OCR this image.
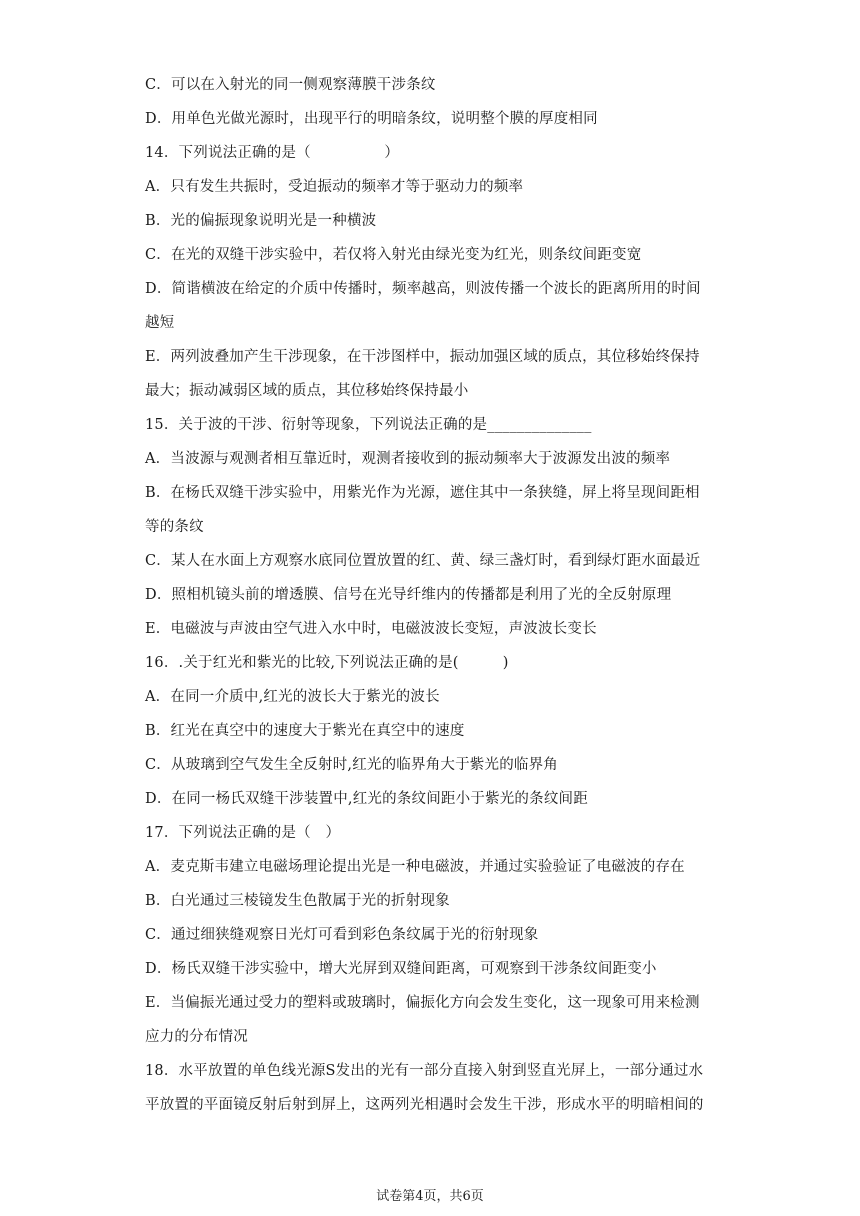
C．可以在入射光的同一侧观察薄膜干涉条纹
D．用单色光做光源时，出现平行的明暗条纹，说明整个膜的厚度相同
14．下列说法正确的是（　　　　　）
A．只有发生共振时，受迫振动的频率才等于驱动力的频率
B．光的偏振现象说明光是一种横波
C．在光的双缝干涉实验中，若仅将入射光由绿光变为红光，则条纹间距变宽
D．简谐横波在给定的介质中传播时，频率越高，则波传播一个波长的距离所用的时间
越短
E．两列波叠加产生干涉现象，在干涉图样中，振动加强区域的质点，其位移始终保持
最大；振动减弱区域的质点，其位移始终保持最小
15．关于波的干涉、衍射等现象，下列说法正确的是______________
A．当波源与观测者相互靠近时，观测者接收到的振动频率大于波源发出波的频率
B．在杨氏双缝干涉实验中，用紫光作为光源，遮住其中一条狭缝，屏上将呈现间距相
等的条纹
C．某人在水面上方观察水底同位置放置的红、黄、绿三盏灯时，看到绿灯距水面最近
D．照相机镜头前的增透膜、信号在光导纤维内的传播都是利用了光的全反射原理
E．电磁波与声波由空气进入水中时，电磁波波长变短，声波波长变长
16．.关于红光和紫光的比较,下列说法正确的是(　　　)
A．在同一介质中,红光的波长大于紫光的波长
B．红光在真空中的速度大于紫光在真空中的速度
C．从玻璃到空气发生全反射时,红光的临界角大于紫光的临界角
D．在同一杨氏双缝干涉装置中,红光的条纹间距小于紫光的条纹间距
17．下列说法正确的是（　）
A．麦克斯韦建立电磁场理论提出光是一种电磁波，并通过实验验证了电磁波的存在
B．白光通过三棱镜发生色散属于光的折射现象
C．通过细狭缝观察日光灯可看到彩色条纹属于光的衍射现象
D．杨氏双缝干涉实验中，增大光屏到双缝间距离，可观察到干涉条纹间距变小
E．当偏振光通过受力的塑料或玻璃时，偏振化方向会发生变化，这一现象可用来检测
应力的分布情况
18．水平放置的单色线光源S发出的光有一部分直接入射到竖直光屏上，一部分通过水
平放置的平面镜反射后射到屏上，这两列光相遇时会发生干涉，形成水平的明暗相间的
试卷第4页，共6页
